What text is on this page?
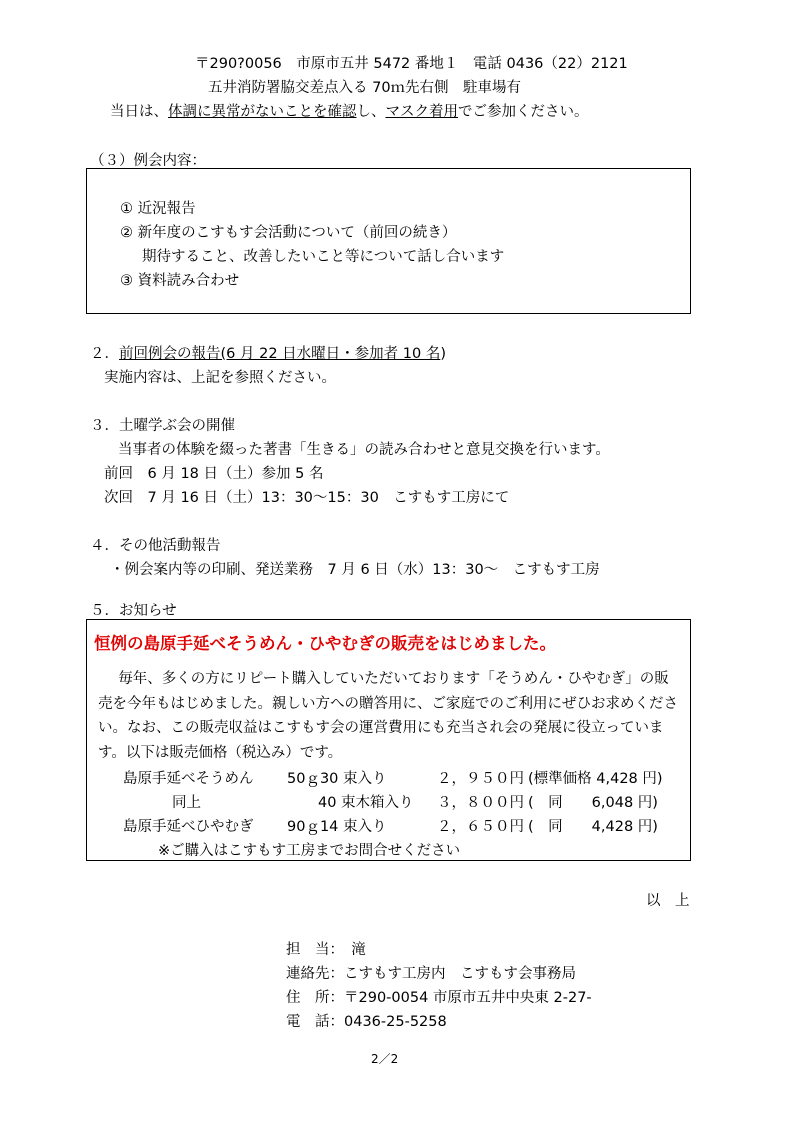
〒290?0056　市原市五井 5472 番地１　電話 0436（22）2121
五井消防署脇交差点入る 70ｍ先右側　駐車場有
当日は、体調に異常がないことを確認し、マスク着用でご参加ください。
（３）例会内容：
① 近況報告
② 新年度のこすもす会活動について（前回の続き）
期待すること、改善したいこと等について話し合います
③ 資料読み合わせ
２．前回例会の報告(6 月 22 日水曜日・参加者 10 名)
実施内容は、上記を参照ください。
３．土曜学ぶ会の開催
当事者の体験を綴った著書「生きる」の読み合わせと意見交換を行います。
前回　6 月 18 日（土）参加 5 名
次回　7 月 16 日（土）13：30～15：30　こすもす工房にて
４．その他活動報告
・例会案内等の印刷、発送業務　7 月 6 日（水）13：30～　こすもす工房
５．お知らせ
恒例の島原手延べそうめん・ひやむぎの販売をはじめました。
毎年、多くの方にリピート購入していただいております「そうめん・ひやむぎ」の販売を今年もはじめました。親しい方への贈答用に、ご家庭でのご利用にぜひお求めください。なお、この販売収益はこすもす会の運営費用にも充当され会の発展に役立っています。以下は販売価格（税込み）です。
島原手延べそうめん 50ｇ30 束入り	２，９５０円 (標準価格 4,428 円)
同上	40 束木箱入り ３，８００円 (　同　　6,048 円)
島原手延べひやむぎ 90ｇ14 束入り	２，６５０円 (　同　　4,428 円)
※ご購入はこすもす工房までお問合せください
以　上
担　当：　滝
連絡先：こすもす工房内　こすもす会事務局
住　所：〒290-0054 市原市五井中央東 2-27-
電　話：0436-25-5258
2／2
